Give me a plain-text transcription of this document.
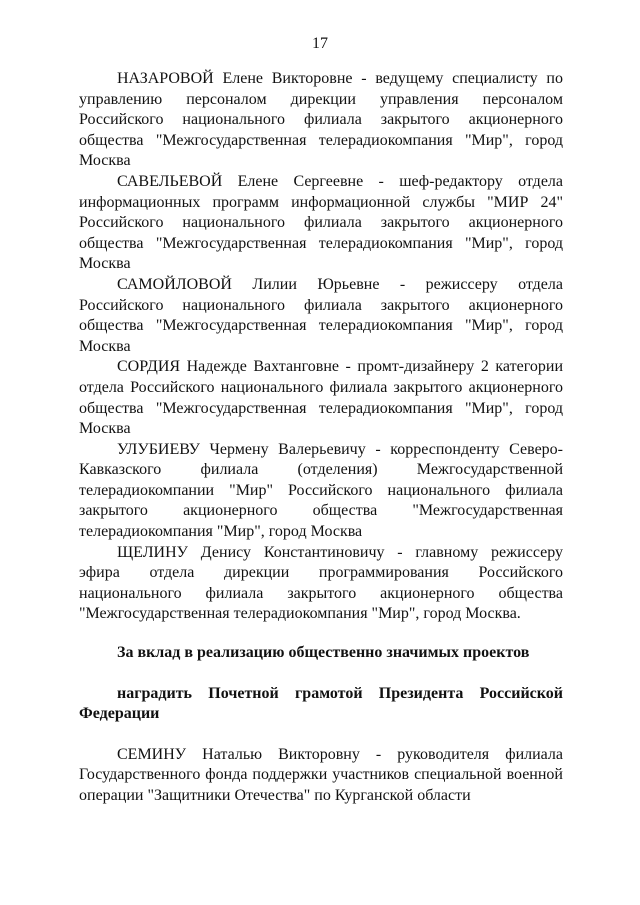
17

НАЗАРОВОЙ Елене Викторовне - ведущему специалисту по управлению персоналом дирекции управления персоналом Российского национального филиала закрытого акционерного общества "Межгосударственная телерадиокомпания "Мир", город Москва

САВЕЛЬЕВОЙ Елене Сергеевне - шеф-редактору отдела информационных программ информационной службы "МИР 24" Российского национального филиала закрытого акционерного общества "Межгосударственная телерадиокомпания "Мир", город Москва

САМОЙЛОВОЙ Лилии Юрьевне - режиссеру отдела Российского национального филиала закрытого акционерного общества "Межгосударственная телерадиокомпания "Мир", город Москва

СОРДИЯ Надежде Вахтанговне - промт-дизайнеру 2 категории отдела Российского национального филиала закрытого акционерного общества "Межгосударственная телерадиокомпания "Мир", город Москва

УЛУБИЕВУ Чермену Валерьевичу - корреспонденту Северо-Кавказского филиала (отделения) Межгосударственной телерадиокомпании "Мир" Российского национального филиала закрытого акционерного общества "Межгосударственная телерадиокомпания "Мир", город Москва

ЩЕЛИНУ Денису Константиновичу - главному режиссеру эфира отдела дирекции программирования Российского национального филиала закрытого акционерного общества "Межгосударственная телерадиокомпания "Мир", город Москва.

За вклад в реализацию общественно значимых проектов

наградить Почетной грамотой Президента Российской Федерации

СЕМИНУ Наталью Викторовну - руководителя филиала Государственного фонда поддержки участников специальной военной операции "Защитники Отечества" по Курганской области
